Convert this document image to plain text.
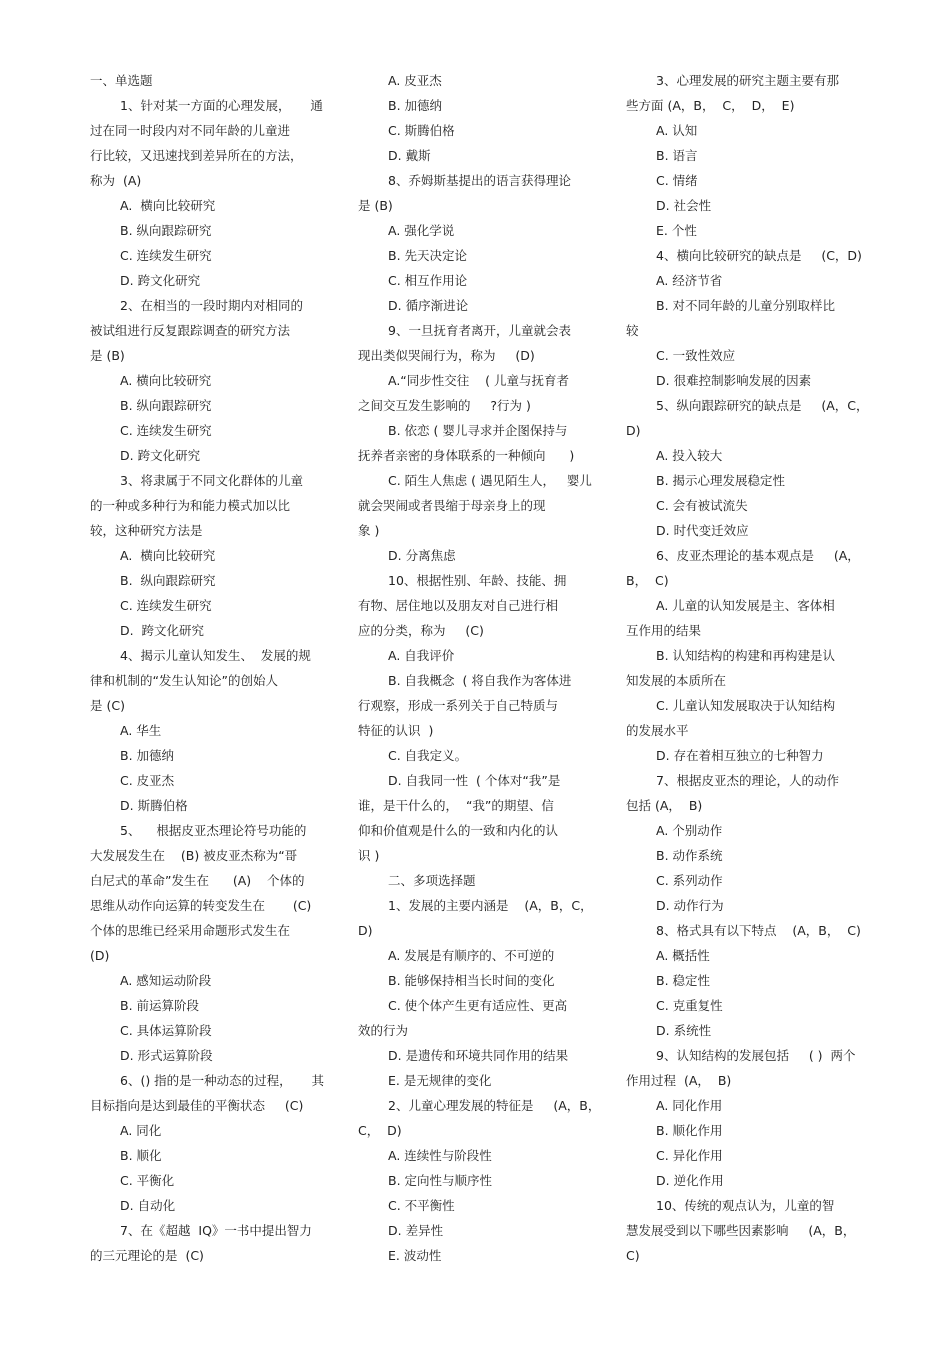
一、单选题
1、针对某一方面的心理发展，     通
过在同一时段内对不同年龄的儿童进
行比较，又迅速找到差异所在的方法，
称为  (A)
A.  横向比较研究
B. 纵向跟踪研究
C. 连续发生研究
D. 跨文化研究
2、在相当的一段时期内对相同的
被试组进行反复跟踪调查的研究方法
是 (B)
A. 横向比较研究
B. 纵向跟踪研究
C. 连续发生研究
D. 跨文化研究
3、将隶属于不同文化群体的儿童
的一种或多种行为和能力模式加以比
较，这种研究方法是
A.  横向比较研究
B.  纵向跟踪研究
C. 连续发生研究
D.  跨文化研究
4、揭示儿童认知发生、  发展的规
律和机制的“发生认知论”的创始人
是 (C)
A. 华生
B. 加德纳
C. 皮亚杰
D. 斯腾伯格
5、    根据皮亚杰理论符号功能的
大发展发生在    (B) 被皮亚杰称为“哥
白尼式的革命”发生在      (A)    个体的
思维从动作向运算的转变发生在       (C)
个体的思维已经采用命题形式发生在
(D)
A. 感知运动阶段
B. 前运算阶段
C. 具体运算阶段
D. 形式运算阶段
6、() 指的是一种动态的过程，     其
目标指向是达到最佳的平衡状态     (C)
A. 同化
B. 顺化
C. 平衡化
D. 自动化
7、在《超越  IQ》一书中提出智力
的三元理论的是  (C)
A. 皮亚杰
B. 加德纳
C. 斯腾伯格
D. 戴斯
8、乔姆斯基提出的语言获得理论
是 (B)
A. 强化学说
B. 先天决定论
C. 相互作用论
D. 循序渐进论
9、一旦抚育者离开，儿童就会表
现出类似哭闹行为，称为     (D)
A.“同步性交往    ( 儿童与抚育者
之间交互发生影响的     ?行为 )
B. 依恋 ( 婴儿寻求并企图保持与
抚养者亲密的身体联系的一种倾向      )
C. 陌生人焦虑 ( 遇见陌生人，   婴儿
就会哭闹或者畏缩于母亲身上的现
象 )
D. 分离焦虑
10、根据性别、年龄、技能、拥
有物、居住地以及朋友对自己进行相
应的分类，称为     (C)
A. 自我评价
B. 自我概念  ( 将自我作为客体进
行观察，形成一系列关于自己特质与
特征的认识  )
C. 自我定义。
D. 自我同一性  ( 个体对“我”是
谁，是干什么的，  “我”的期望、信
仰和价值观是什么的一致和内化的认
识 )
二、多项选择题
1、发展的主要内涵是    (A，B，C，
D)
A. 发展是有顺序的、不可逆的
B. 能够保持相当长时间的变化
C. 使个体产生更有适应性、更高
效的行为
D. 是遗传和环境共同作用的结果
E. 是无规律的变化
2、儿童心理发展的特征是     (A，B，
C，  D)
A. 连续性与阶段性
B. 定向性与顺序性
C. 不平衡性
D. 差异性
E. 波动性
3、心理发展的研究主题主要有那
些方面 (A，B，  C，  D，  E)
A. 认知
B. 语言
C. 情绪
D. 社会性
E. 个性
4、横向比较研究的缺点是     (C，D)
A. 经济节省
B. 对不同年龄的儿童分别取样比
较
C. 一致性效应
D. 很难控制影响发展的因素
5、纵向跟踪研究的缺点是     (A，C，
D)
A. 投入较大
B. 揭示心理发展稳定性
C. 会有被试流失
D. 时代变迁效应
6、皮亚杰理论的基本观点是     (A，
B，  C)
A. 儿童的认知发展是主、客体相
互作用的结果
B. 认知结构的构建和再构建是认
知发展的本质所在
C. 儿童认知发展取决于认知结构
的发展水平
D. 存在着相互独立的七种智力
7、根据皮亚杰的理论，人的动作
包括 (A，  B)
A. 个别动作
B. 动作系统
C. 系列动作
D. 动作行为
8、格式具有以下特点    (A，B，  C)
A. 概括性
B. 稳定性
C. 克重复性
D. 系统性
9、认知结构的发展包括     ( )  两个
作用过程  (A，  B)
A. 同化作用
B. 顺化作用
C. 异化作用
D. 逆化作用
10、传统的观点认为，儿童的智
慧发展受到以下哪些因素影响     (A，B，
C)
